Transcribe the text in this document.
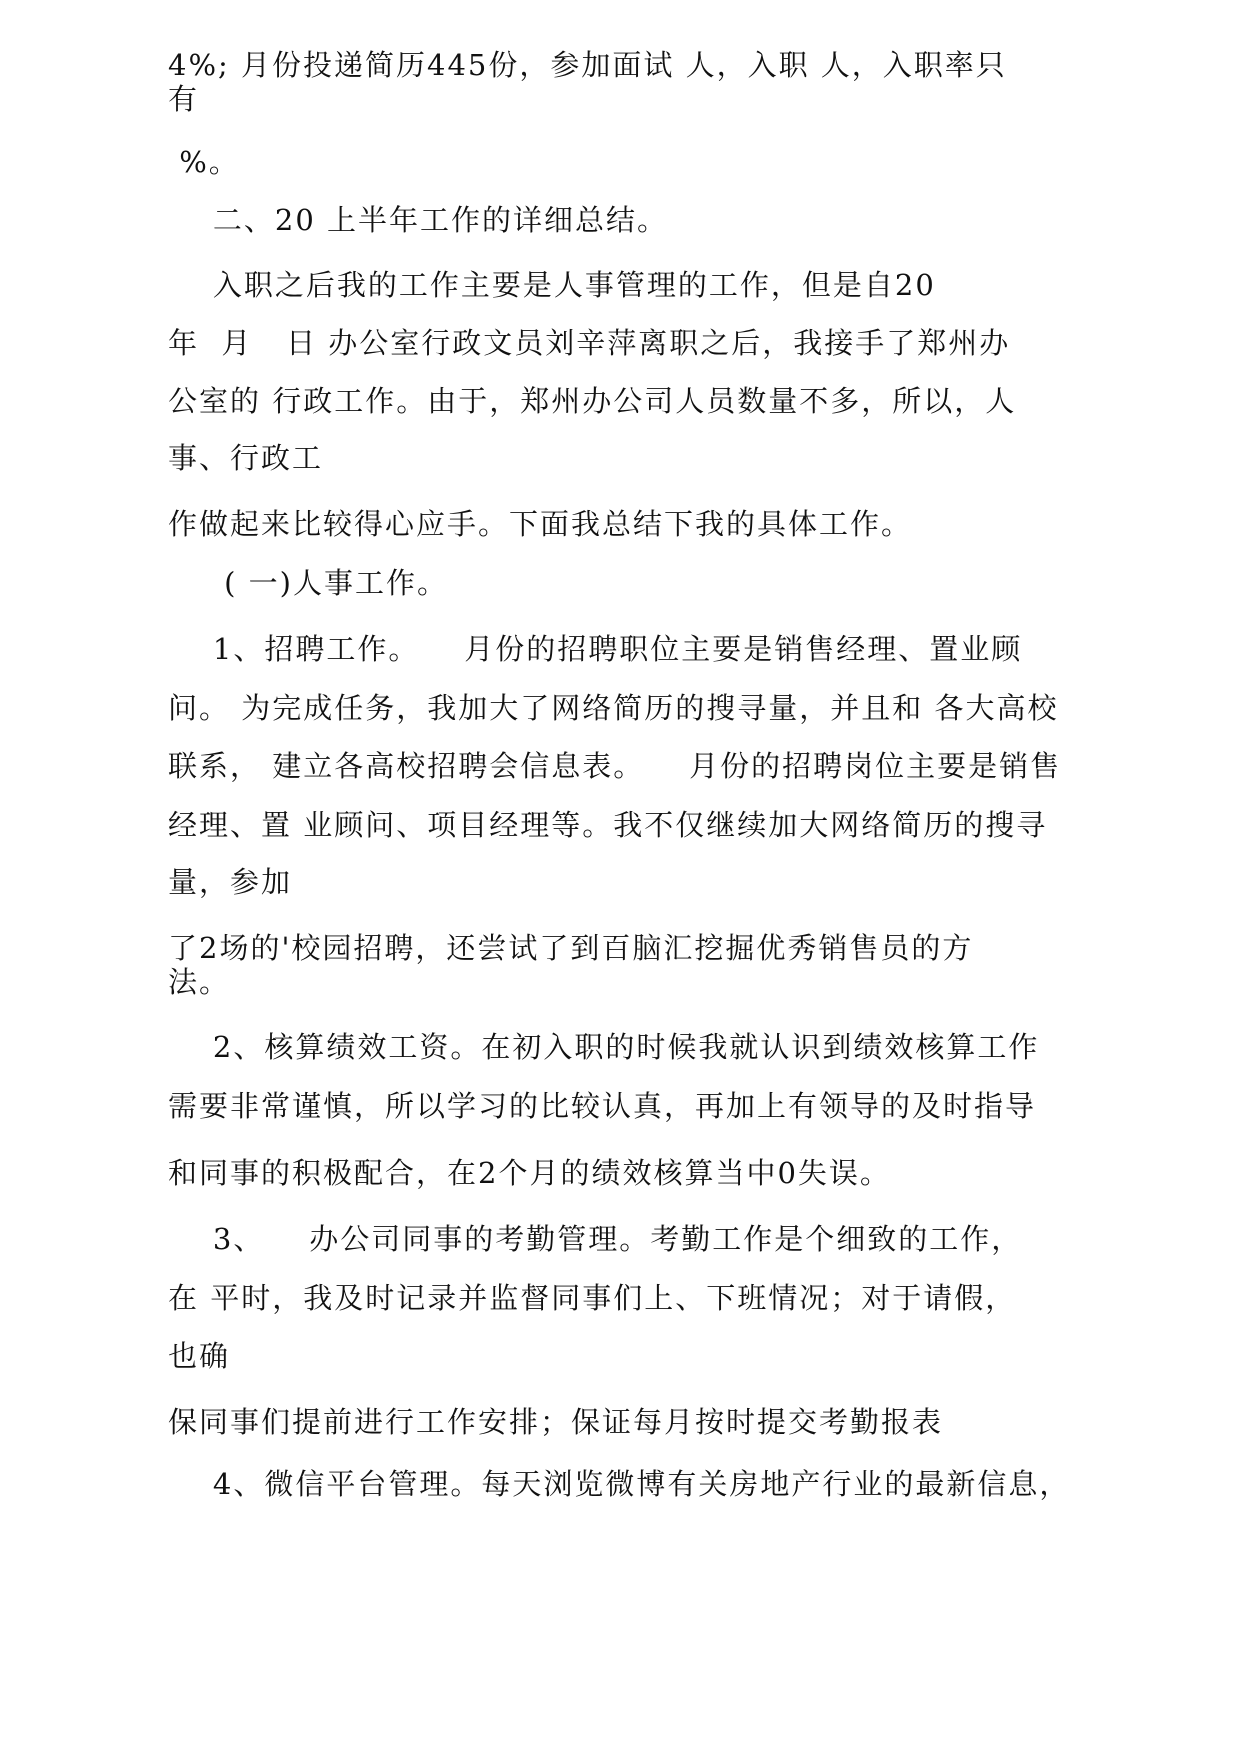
4%; 月份投递简历445份，参加面试 人，入职 人，入职率只

有

%。

二、20 上半年工作的详细总结。

入职之后我的工作主要是人事管理的工作，但是自20

年  月   日 办公室行政文员刘辛萍离职之后，我接手了郑州办

公室的 行政工作。由于，郑州办公司人员数量不多，所以，人

事、行政工

作做起来比较得心应手。下面我总结下我的具体工作。

( 一)人事工作。

1、招聘工作。    月份的招聘职位主要是销售经理、置业顾

问。 为完成任务，我加大了网络简历的搜寻量，并且和 各大高校

联系， 建立各高校招聘会信息表。    月份的招聘岗位主要是销售

经理、置 业顾问、项目经理等。我不仅继续加大网络简历的搜寻

量，参加

了2场的'校园招聘，还尝试了到百脑汇挖掘优秀销售员的方

法。

2、核算绩效工资。在初入职的时候我就认识到绩效核算工作

需要非常谨慎，所以学习的比较认真，再加上有领导的及时指导

和同事的积极配合，在2个月的绩效核算当中0失误。

3、    办公司同事的考勤管理。考勤工作是个细致的工作，

在 平时，我及时记录并监督同事们上、下班情况；对于请假，

也确

保同事们提前进行工作安排；保证每月按时提交考勤报表

4、微信平台管理。每天浏览微博有关房地产行业的最新信息，
